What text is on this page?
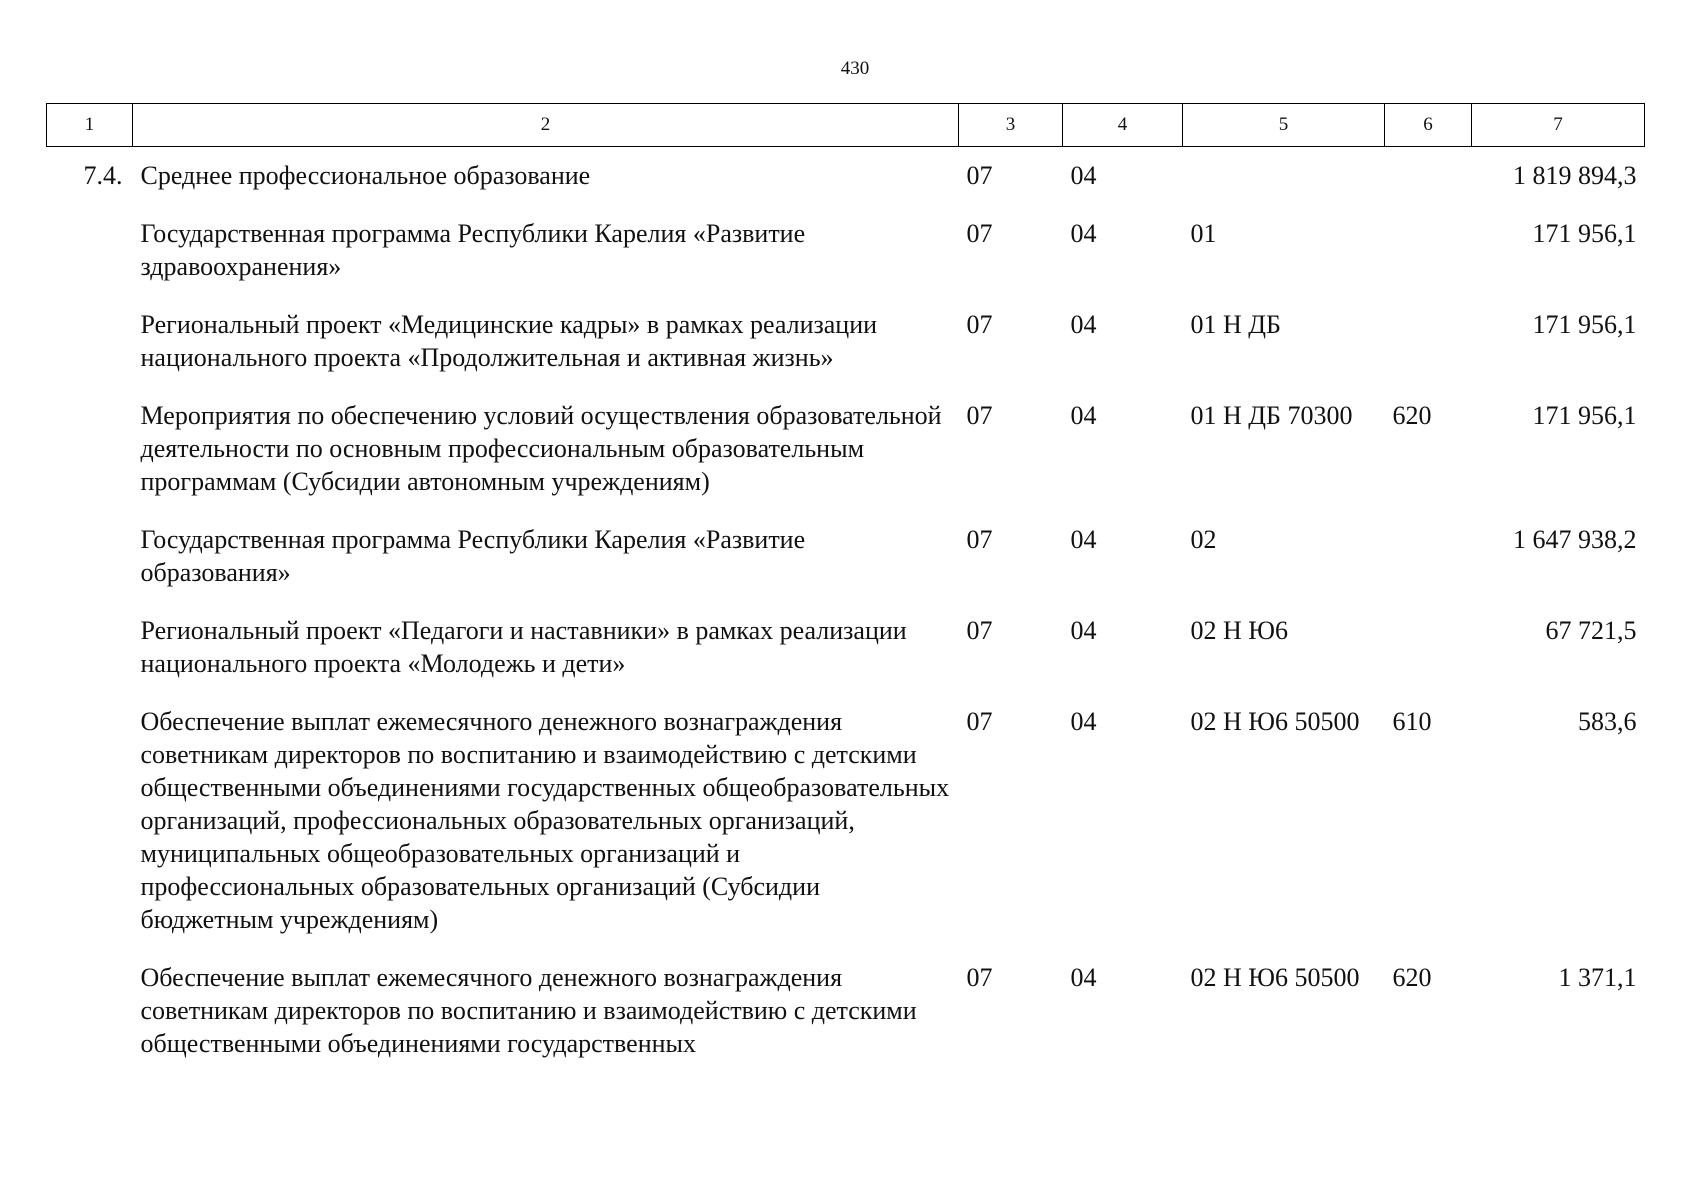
430
1	2	3	4	5	6	7
7.4.	Среднее профессиональное образование	07	04			1 819 894,3
	Государственная программа Республики Карелия «Развитие здравоохранения»	07	04	01		171 956,1
	Региональный проект «Медицинские кадры» в рамках реализации национального проекта «Продолжительная и активная жизнь»	07	04	01 Н ДБ		171 956,1
	Мероприятия по обеспечению условий осуществления образовательной деятельности по основным профессиональным образовательным программам (Субсидии автономным учреждениям)	07	04	01 Н ДБ 70300	620	171 956,1
	Государственная программа Республики Карелия «Развитие образования»	07	04	02		1 647 938,2
	Региональный проект «Педагоги и наставники» в рамках реализации национального проекта «Молодежь и дети»	07	04	02 Н Ю6		67 721,5
	Обеспечение выплат ежемесячного денежного вознаграждения советникам директоров по воспитанию и взаимодействию с детскими общественными объединениями государственных общеобразовательных организаций, профессиональных образовательных организаций, муниципальных общеобразовательных организаций и профессиональных образовательных организаций (Субсидии бюджетным учреждениям)	07	04	02 Н Ю6 50500	610	583,6
	Обеспечение выплат ежемесячного денежного вознаграждения советникам директоров по воспитанию и взаимодействию с детскими общественными объединениями государственных	07	04	02 Н Ю6 50500	620	1 371,1
